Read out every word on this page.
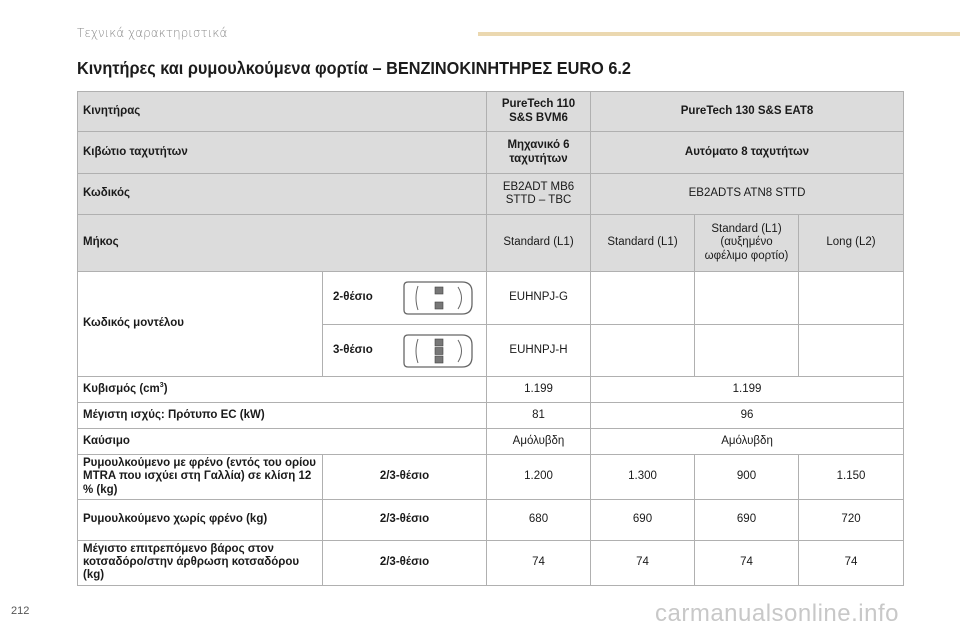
Τεχνικά χαρακτηριστικά
Κινητήρες και ρυμουλκούμενα φορτία – ΒΕΝΖΙΝΟΚΙΝΗΤΗΡΕΣ EURO 6.2
Κινητήρας		PureTech 110 S&S BVM6	PureTech 130 S&S EAT8		
Κιβώτιο ταχυτήτων		Μηχανικό 6 ταχυτήτων	Αυτόματο 8 ταχυτήτων		
Κωδικός		EB2ADT MB6 STTD – TBC	EB2ADTS ATN8 STTD		
Μήκος		Standard (L1)	Standard (L1)	Standard (L1) (αυξημένο ωφέλιμο φορτίο)	Long (L2)
Κωδικός μοντέλου	2-θέσιο	EUHNPJ-G			

	3-θέσιο	EUHNPJ-H			
Κυβισμός $(cm^3)$		1.199	1.199		
Μέγιστη ισχύς: Πρότυπο EC (kW)		81	96		
Καύσιμο		Αμόλυβδη	Αμόλυβδη		
Ρυμουλκούμενο με φρένο (εντός του ορίου MTRA που ισχύει στη Γαλλία) σε κλίση 12 % (kg)	2/3-θέσιο	1.200	1.300	900	1.150
Ρυμουλκούμενο χωρίς φρένο (kg)	2/3-θέσιο	680	690	690	720
Μέγιστο επιτρεπόμενο βάρος στον κοτσαδόρο/στην άρθρωση κοτσαδόρου (kg)	2/3-θέσιο	74	74	74	74
212	carmanualsonline.info
